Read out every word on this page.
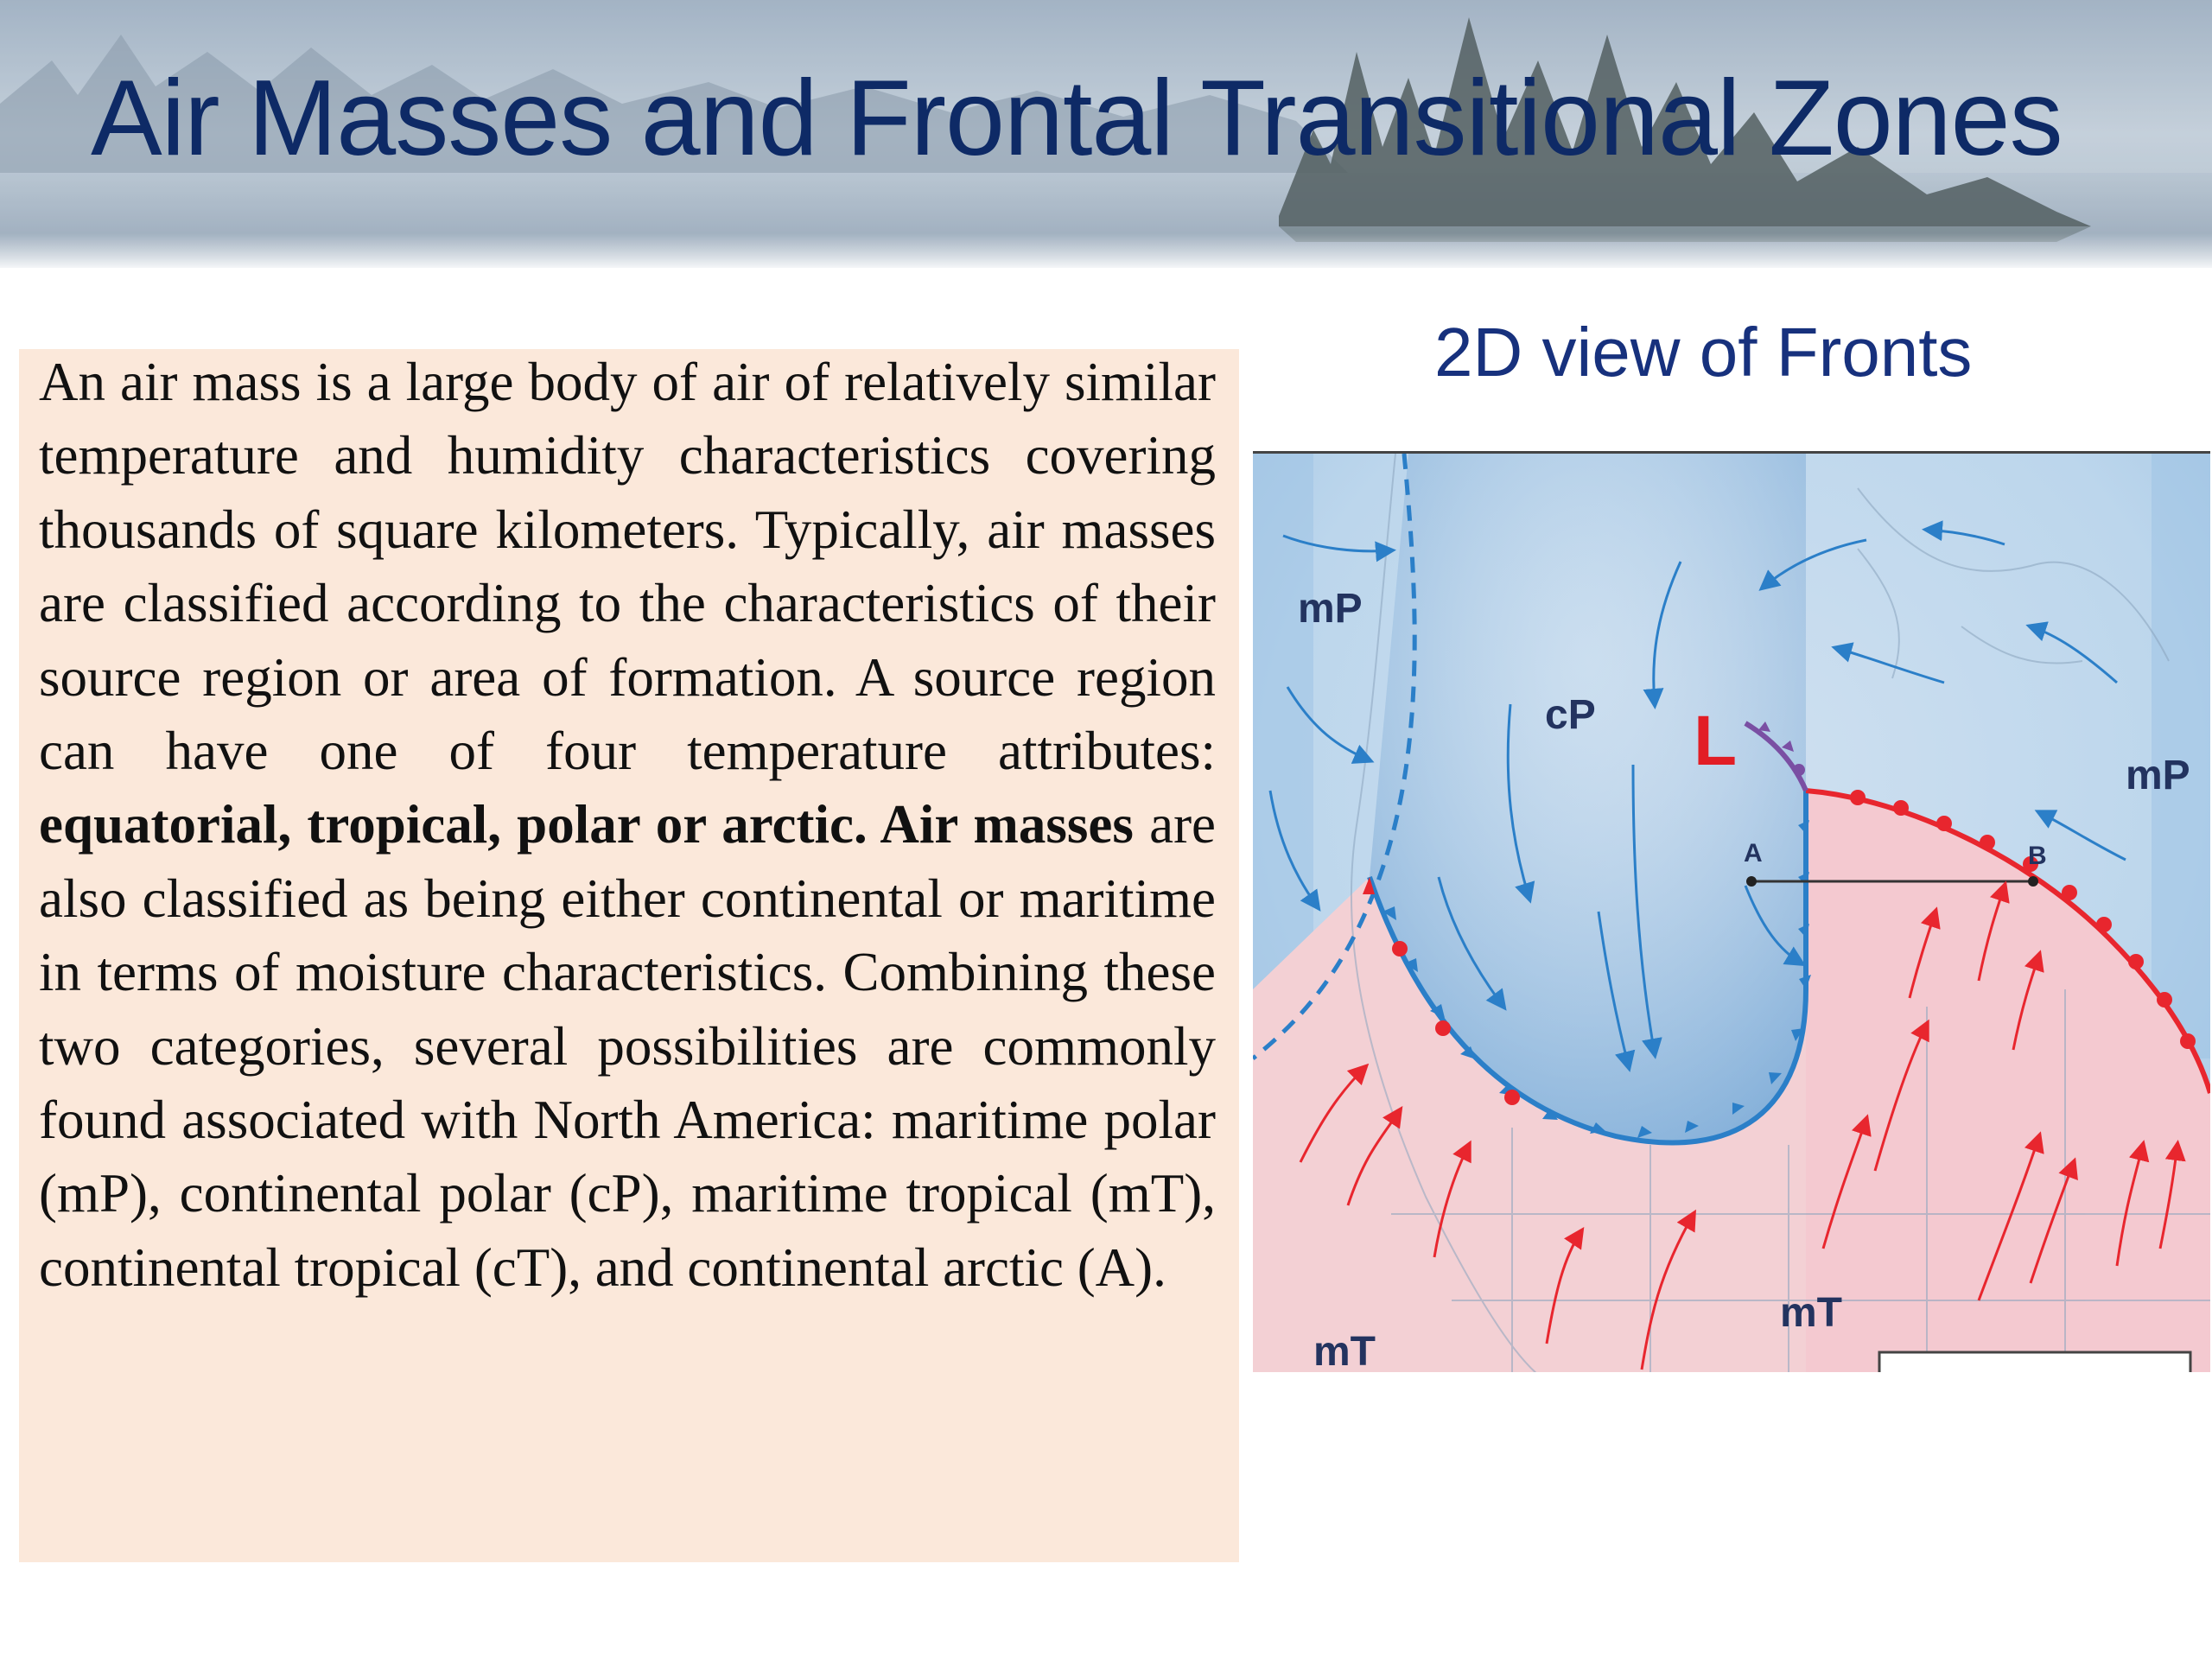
Air Masses and Frontal Transitional Zones

An air mass is a large body of air of relatively similar temperature and humidity characteristics covering thousands of square kilometers. Typically, air masses are classified according to the characteristics of their source region or area of formation. A source region can have one of four temperature attributes: equatorial, tropical, polar or arctic. Air masses are also classified as being either continental or maritime in terms of moisture characteristics. Combining these two categories, several possibilities are commonly found associated with North America: maritime polar (mP), continental polar (cP), maritime tropical (mT), continental tropical (cT), and continental arctic (A).

2D view of Fronts
L
A	B
mP
cP
mP
mT
mT
